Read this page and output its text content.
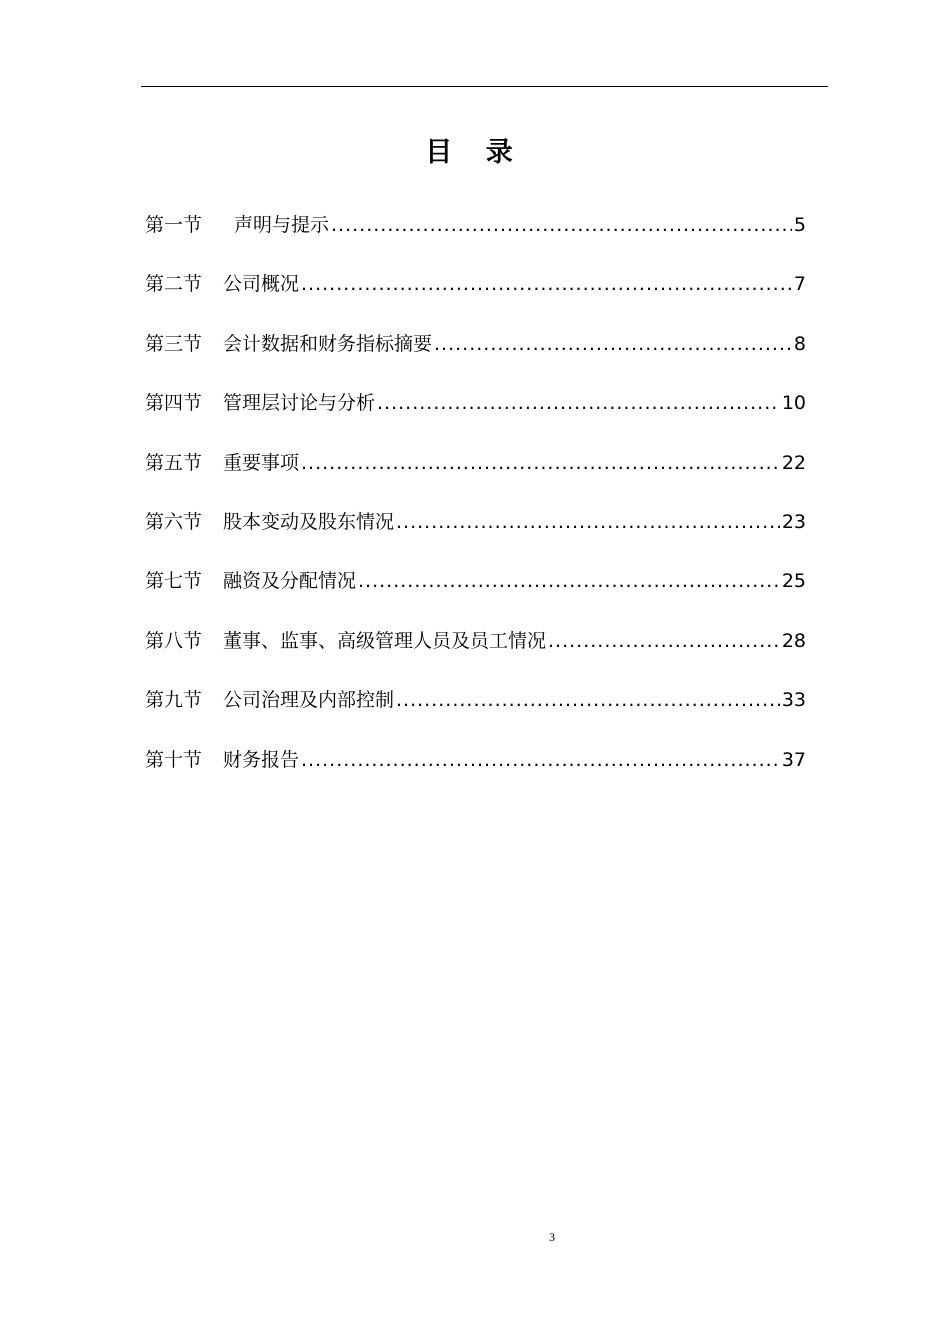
目 录
第一节	声明与提示 .....	5
第二节	公司概况 .....	7
第三节	会计数据和财务指标摘要 .....	8
第四节	管理层讨论与分析 .....	10
第五节	重要事项 .....	22
第六节	股本变动及股东情况 .....	23
第七节	融资及分配情况 .....	25
第八节	董事、监事、高级管理人员及员工情况 .....	28
第九节	公司治理及内部控制 .....	33
第十节	财务报告 .....	37
3
